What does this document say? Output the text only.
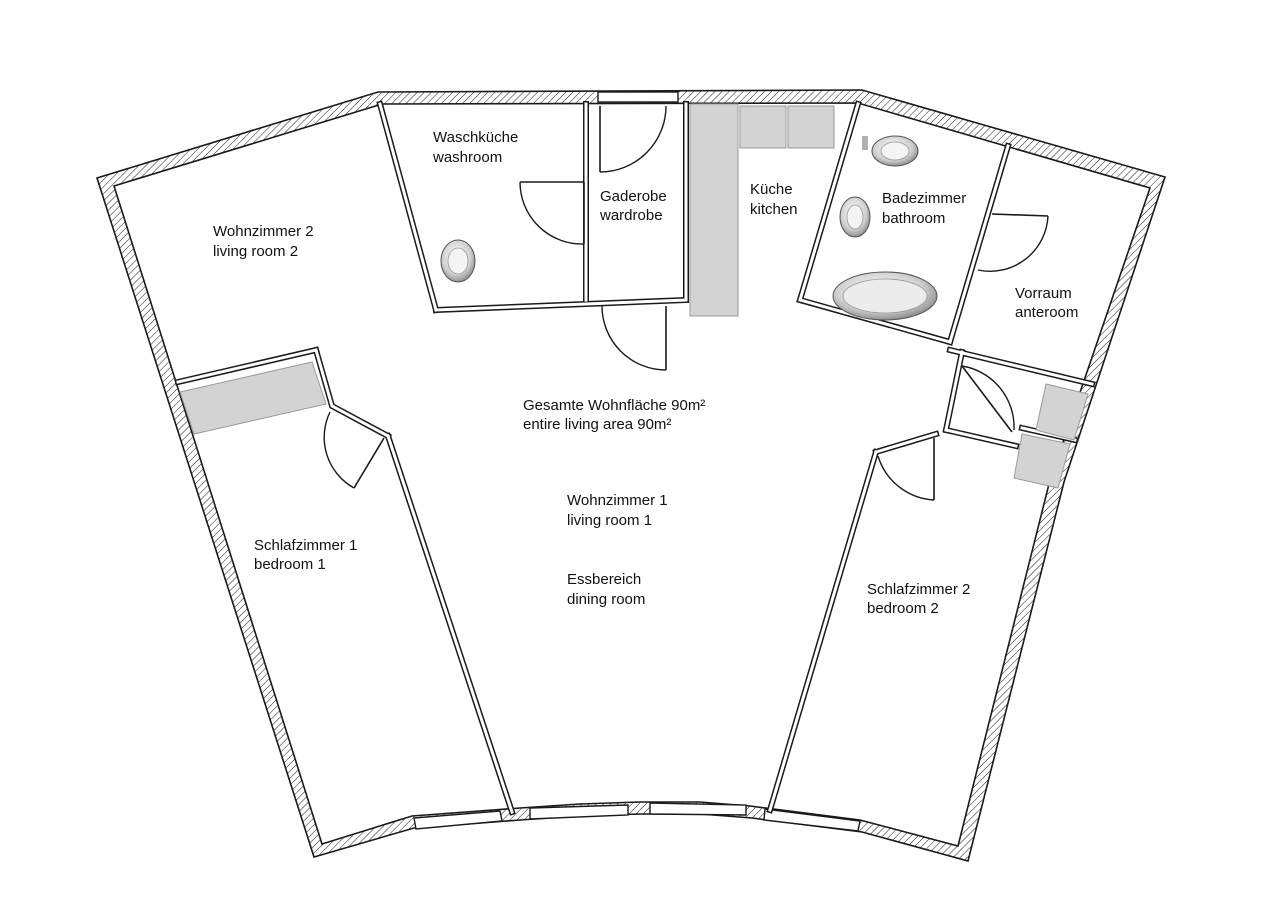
Waschküche
washroom
Gaderobe
wardrobe
Küche
kitchen
Badezimmer
bathroom
Vorraum
anteroom
Wohnzimmer 2
living room 2
Gesamte Wohnfläche 90m²
entire living area 90m²
Wohnzimmer 1
living room 1
Essbereich
dining room
Schlafzimmer 1
bedroom 1
Schlafzimmer 2
bedroom 2
